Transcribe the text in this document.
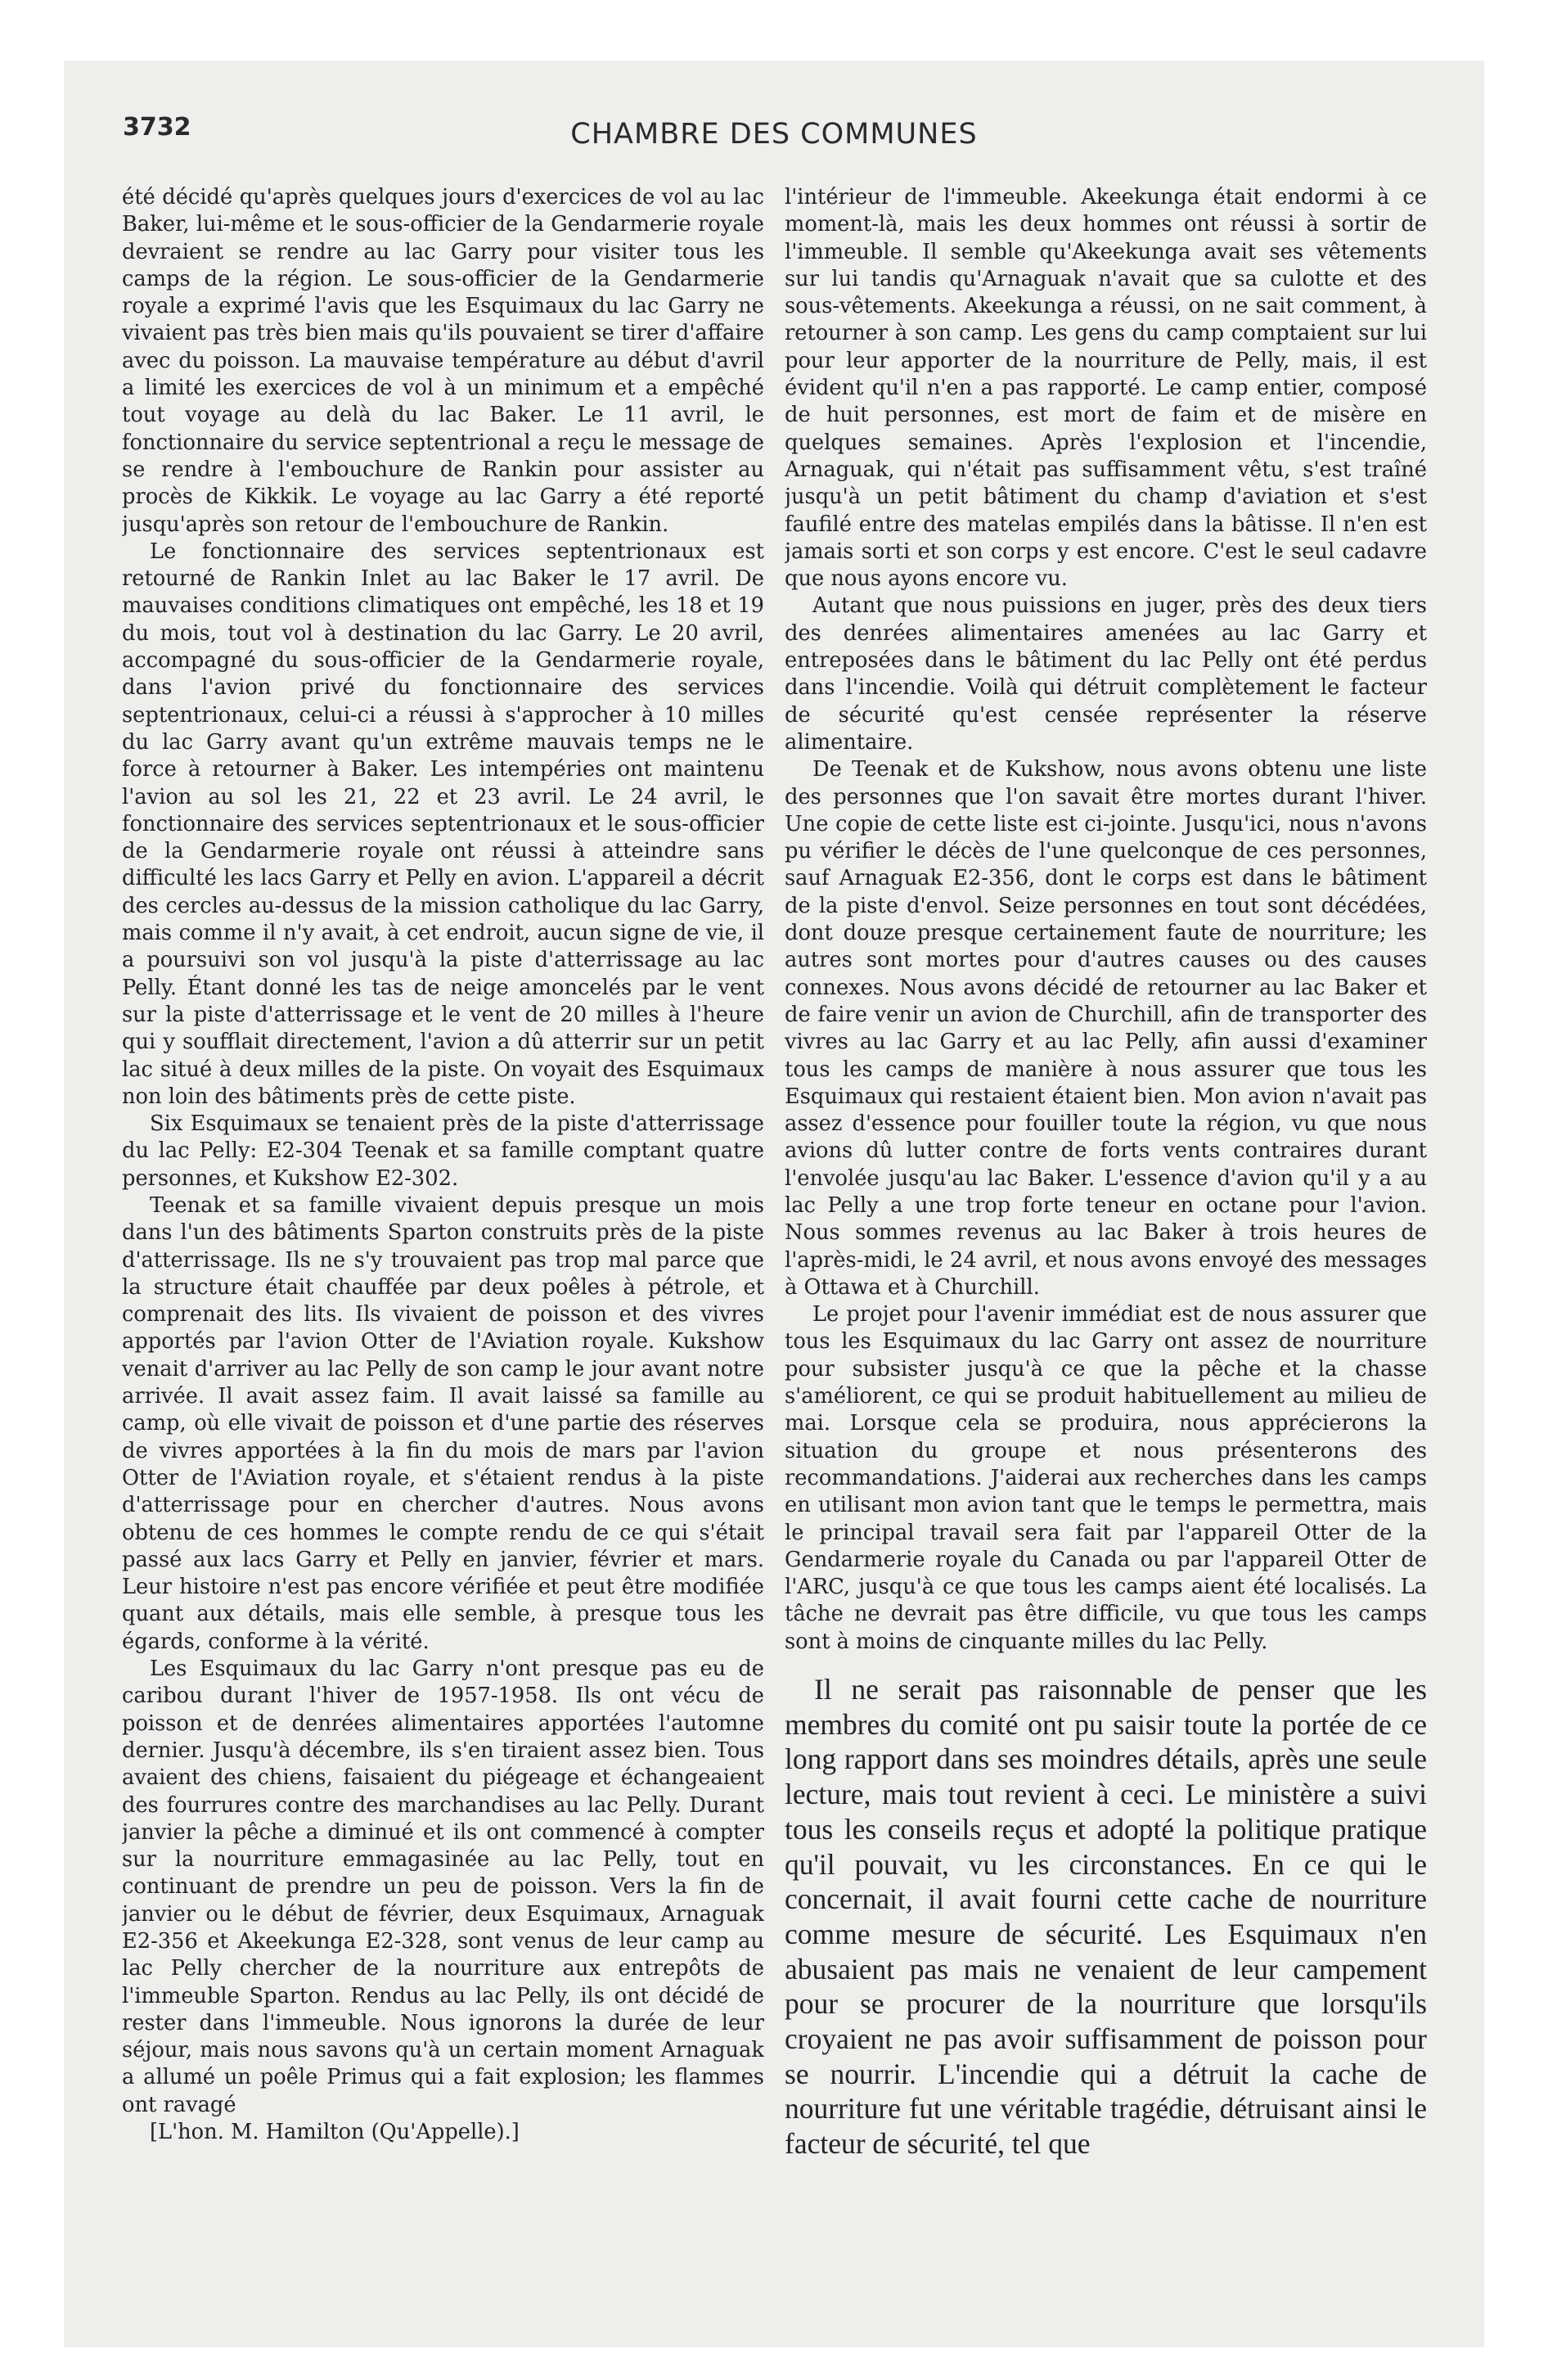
3732	CHAMBRE DES COMMUNES

été décidé qu'après quelques jours d'exercices de vol au lac Baker, lui-même et le sous-officier de la Gendarmerie royale devraient se rendre au lac Garry pour visiter tous les camps de la région. Le sous-officier de la Gendarmerie royale a exprimé l'avis que les Esquimaux du lac Garry ne vivaient pas très bien mais qu'ils pouvaient se tirer d'affaire avec du poisson. La mauvaise température au début d'avril a limité les exercices de vol à un minimum et a empêché tout voyage au delà du lac Baker. Le 11 avril, le fonctionnaire du service septentrional a reçu le message de se rendre à l'embouchure de Rankin pour assister au procès de Kikkik. Le voyage au lac Garry a été reporté jusqu'après son retour de l'embouchure de Rankin.

Le fonctionnaire des services septentrionaux est retourné de Rankin Inlet au lac Baker le 17 avril. De mauvaises conditions climatiques ont empêché, les 18 et 19 du mois, tout vol à destination du lac Garry. Le 20 avril, accompagné du sous-officier de la Gendarmerie royale, dans l'avion privé du fonctionnaire des services septentrionaux, celui-ci a réussi à s'approcher à 10 milles du lac Garry avant qu'un extrême mauvais temps ne le force à retourner à Baker. Les intempéries ont maintenu l'avion au sol les 21, 22 et 23 avril. Le 24 avril, le fonctionnaire des services septentrionaux et le sous-officier de la Gendarmerie royale ont réussi à atteindre sans difficulté les lacs Garry et Pelly en avion. L'appareil a décrit des cercles au-dessus de la mission catholique du lac Garry, mais comme il n'y avait, à cet endroit, aucun signe de vie, il a poursuivi son vol jusqu'à la piste d'atterrissage au lac Pelly. Étant donné les tas de neige amoncelés par le vent sur la piste d'atterrissage et le vent de 20 milles à l'heure qui y soufflait directement, l'avion a dû atterrir sur un petit lac situé à deux milles de la piste. On voyait des Esquimaux non loin des bâtiments près de cette piste.

Six Esquimaux se tenaient près de la piste d'atterrissage du lac Pelly: E2-304 Teenak et sa famille comptant quatre personnes, et Kukshow E2-302.

Teenak et sa famille vivaient depuis presque un mois dans l'un des bâtiments Sparton construits près de la piste d'atterrissage. Ils ne s'y trouvaient pas trop mal parce que la structure était chauffée par deux poêles à pétrole, et comprenait des lits. Ils vivaient de poisson et des vivres apportés par l'avion Otter de l'Aviation royale. Kukshow venait d'arriver au lac Pelly de son camp le jour avant notre arrivée. Il avait assez faim. Il avait laissé sa famille au camp, où elle vivait de poisson et d'une partie des réserves de vivres apportées à la fin du mois de mars par l'avion Otter de l'Aviation royale, et s'étaient rendus à la piste d'atterrissage pour en chercher d'autres. Nous avons obtenu de ces hommes le compte rendu de ce qui s'était passé aux lacs Garry et Pelly en janvier, février et mars. Leur histoire n'est pas encore vérifiée et peut être modifiée quant aux détails, mais elle semble, à presque tous les égards, conforme à la vérité.

Les Esquimaux du lac Garry n'ont presque pas eu de caribou durant l'hiver de 1957-1958. Ils ont vécu de poisson et de denrées alimentaires apportées l'automne dernier. Jusqu'à décembre, ils s'en tiraient assez bien. Tous avaient des chiens, faisaient du piégeage et échangeaient des fourrures contre des marchandises au lac Pelly. Durant janvier la pêche a diminué et ils ont commencé à compter sur la nourriture emmagasinée au lac Pelly, tout en continuant de prendre un peu de poisson. Vers la fin de janvier ou le début de février, deux Esquimaux, Arnaguak E2-356 et Akeekunga E2-328, sont venus de leur camp au lac Pelly chercher de la nourriture aux entrepôts de l'immeuble Sparton. Rendus au lac Pelly, ils ont décidé de rester dans l'immeuble. Nous ignorons la durée de leur séjour, mais nous savons qu'à un certain moment Arnaguak a allumé un poêle Primus qui a fait explosion; les flammes ont ravagé

[L'hon. M. Hamilton (Qu'Appelle).]

l'intérieur de l'immeuble. Akeekunga était endormi à ce moment-là, mais les deux hommes ont réussi à sortir de l'immeuble. Il semble qu'Akeekunga avait ses vêtements sur lui tandis qu'Arnaguak n'avait que sa culotte et des sous-vêtements. Akeekunga a réussi, on ne sait comment, à retourner à son camp. Les gens du camp comptaient sur lui pour leur apporter de la nourriture de Pelly, mais, il est évident qu'il n'en a pas rapporté. Le camp entier, composé de huit personnes, est mort de faim et de misère en quelques semaines. Après l'explosion et l'incendie, Arnaguak, qui n'était pas suffisamment vêtu, s'est traîné jusqu'à un petit bâtiment du champ d'aviation et s'est faufilé entre des matelas empilés dans la bâtisse. Il n'en est jamais sorti et son corps y est encore. C'est le seul cadavre que nous ayons encore vu.

Autant que nous puissions en juger, près des deux tiers des denrées alimentaires amenées au lac Garry et entreposées dans le bâtiment du lac Pelly ont été perdus dans l'incendie. Voilà qui détruit complètement le facteur de sécurité qu'est censée représenter la réserve alimentaire.

De Teenak et de Kukshow, nous avons obtenu une liste des personnes que l'on savait être mortes durant l'hiver. Une copie de cette liste est ci-jointe. Jusqu'ici, nous n'avons pu vérifier le décès de l'une quelconque de ces personnes, sauf Arnaguak E2-356, dont le corps est dans le bâtiment de la piste d'envol. Seize personnes en tout sont décédées, dont douze presque certainement faute de nourriture; les autres sont mortes pour d'autres causes ou des causes connexes. Nous avons décidé de retourner au lac Baker et de faire venir un avion de Churchill, afin de transporter des vivres au lac Garry et au lac Pelly, afin aussi d'examiner tous les camps de manière à nous assurer que tous les Esquimaux qui restaient étaient bien. Mon avion n'avait pas assez d'essence pour fouiller toute la région, vu que nous avions dû lutter contre de forts vents contraires durant l'envolée jusqu'au lac Baker. L'essence d'avion qu'il y a au lac Pelly a une trop forte teneur en octane pour l'avion. Nous sommes revenus au lac Baker à trois heures de l'après-midi, le 24 avril, et nous avons envoyé des messages à Ottawa et à Churchill.

Le projet pour l'avenir immédiat est de nous assurer que tous les Esquimaux du lac Garry ont assez de nourriture pour subsister jusqu'à ce que la pêche et la chasse s'améliorent, ce qui se produit habituellement au milieu de mai. Lorsque cela se produira, nous apprécierons la situation du groupe et nous présenterons des recommandations. J'aiderai aux recherches dans les camps en utilisant mon avion tant que le temps le permettra, mais le principal travail sera fait par l'appareil Otter de la Gendarmerie royale du Canada ou par l'appareil Otter de l'ARC, jusqu'à ce que tous les camps aient été localisés. La tâche ne devrait pas être difficile, vu que tous les camps sont à moins de cinquante milles du lac Pelly.

Il ne serait pas raisonnable de penser que les membres du comité ont pu saisir toute la portée de ce long rapport dans ses moindres détails, après une seule lecture, mais tout revient à ceci. Le ministère a suivi tous les conseils reçus et adopté la politique pratique qu'il pouvait, vu les circonstances. En ce qui le concernait, il avait fourni cette cache de nourriture comme mesure de sécurité. Les Esquimaux n'en abusaient pas mais ne venaient de leur campement pour se procurer de la nourriture que lorsqu'ils croyaient ne pas avoir suffisamment de poisson pour se nourrir. L'incendie qui a détruit la cache de nourriture fut une véritable tragédie, détruisant ainsi le facteur de sécurité, tel que
